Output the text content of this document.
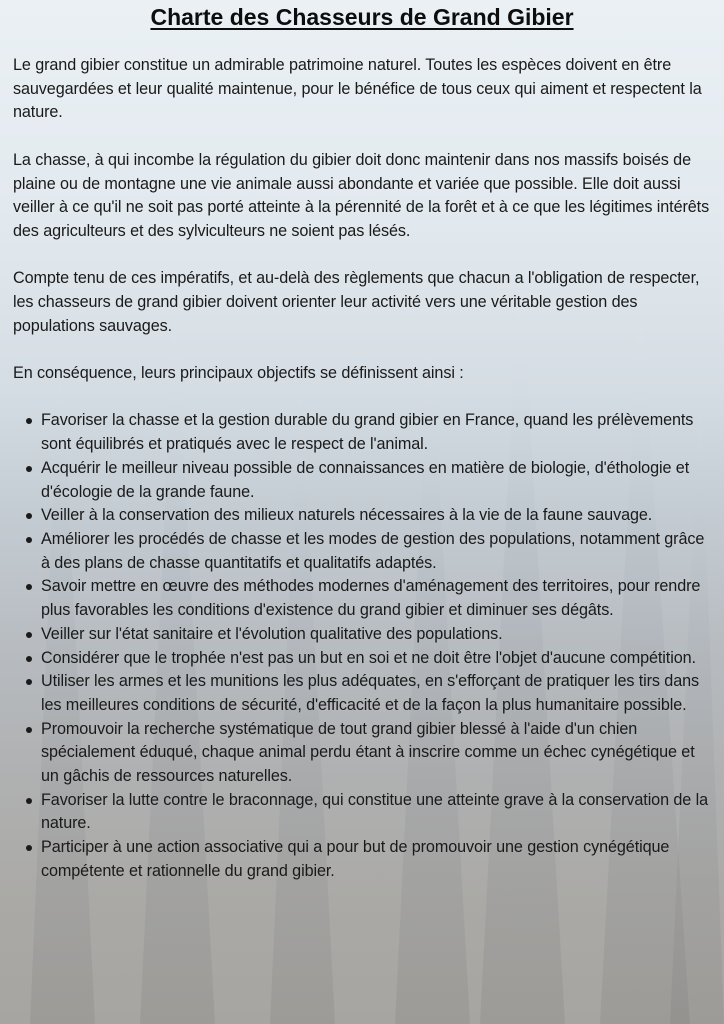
Charte des Chasseurs de Grand Gibier

Le grand gibier constitue un admirable patrimoine naturel. Toutes les espèces doivent en être sauvegardées et leur qualité maintenue, pour le bénéfice de tous ceux qui aiment et respectent la nature.

La chasse, à qui incombe la régulation du gibier doit donc maintenir dans nos massifs boisés de plaine ou de montagne une vie animale aussi abondante et variée que possible. Elle doit aussi veiller à ce qu'il ne soit pas porté atteinte à la pérennité de la forêt et à ce que les légitimes intérêts des agriculteurs et des sylviculteurs ne soient pas lésés.

Compte tenu de ces impératifs, et au-delà des règlements que chacun a l'obligation de respecter, les chasseurs de grand gibier doivent orienter leur activité vers une véritable gestion des populations sauvages.

En conséquence, leurs principaux objectifs se définissent ainsi :

Favoriser la chasse et la gestion durable du grand gibier en France, quand les prélèvements sont équilibrés et pratiqués avec le respect de l'animal.
Acquérir le meilleur niveau possible de connaissances en matière de biologie, d'éthologie et d'écologie de la grande faune.
Veiller à la conservation des milieux naturels nécessaires à la vie de la faune sauvage.
Améliorer les procédés de chasse et les modes de gestion des populations, notamment grâce à des plans de chasse quantitatifs et qualitatifs adaptés.
Savoir mettre en œuvre des méthodes modernes d'aménagement des territoires, pour rendre plus favorables les conditions d'existence du grand gibier et diminuer ses dégâts.
Veiller sur l'état sanitaire et l'évolution qualitative des populations.
Considérer que le trophée n'est pas un but en soi et ne doit être l'objet d'aucune compétition.
Utiliser les armes et les munitions les plus adéquates, en s'efforçant de pratiquer les tirs dans les meilleures conditions de sécurité, d'efficacité et de la façon la plus humanitaire possible.
Promouvoir la recherche systématique de tout grand gibier blessé à l'aide d'un chien spécialement éduqué, chaque animal perdu étant à inscrire comme un échec cynégétique et un gâchis de ressources naturelles.
Favoriser la lutte contre le braconnage, qui constitue une atteinte grave à la conservation de la nature.
Participer à une action associative qui a pour but de promouvoir une gestion cynégétique compétente et rationnelle du grand gibier.
